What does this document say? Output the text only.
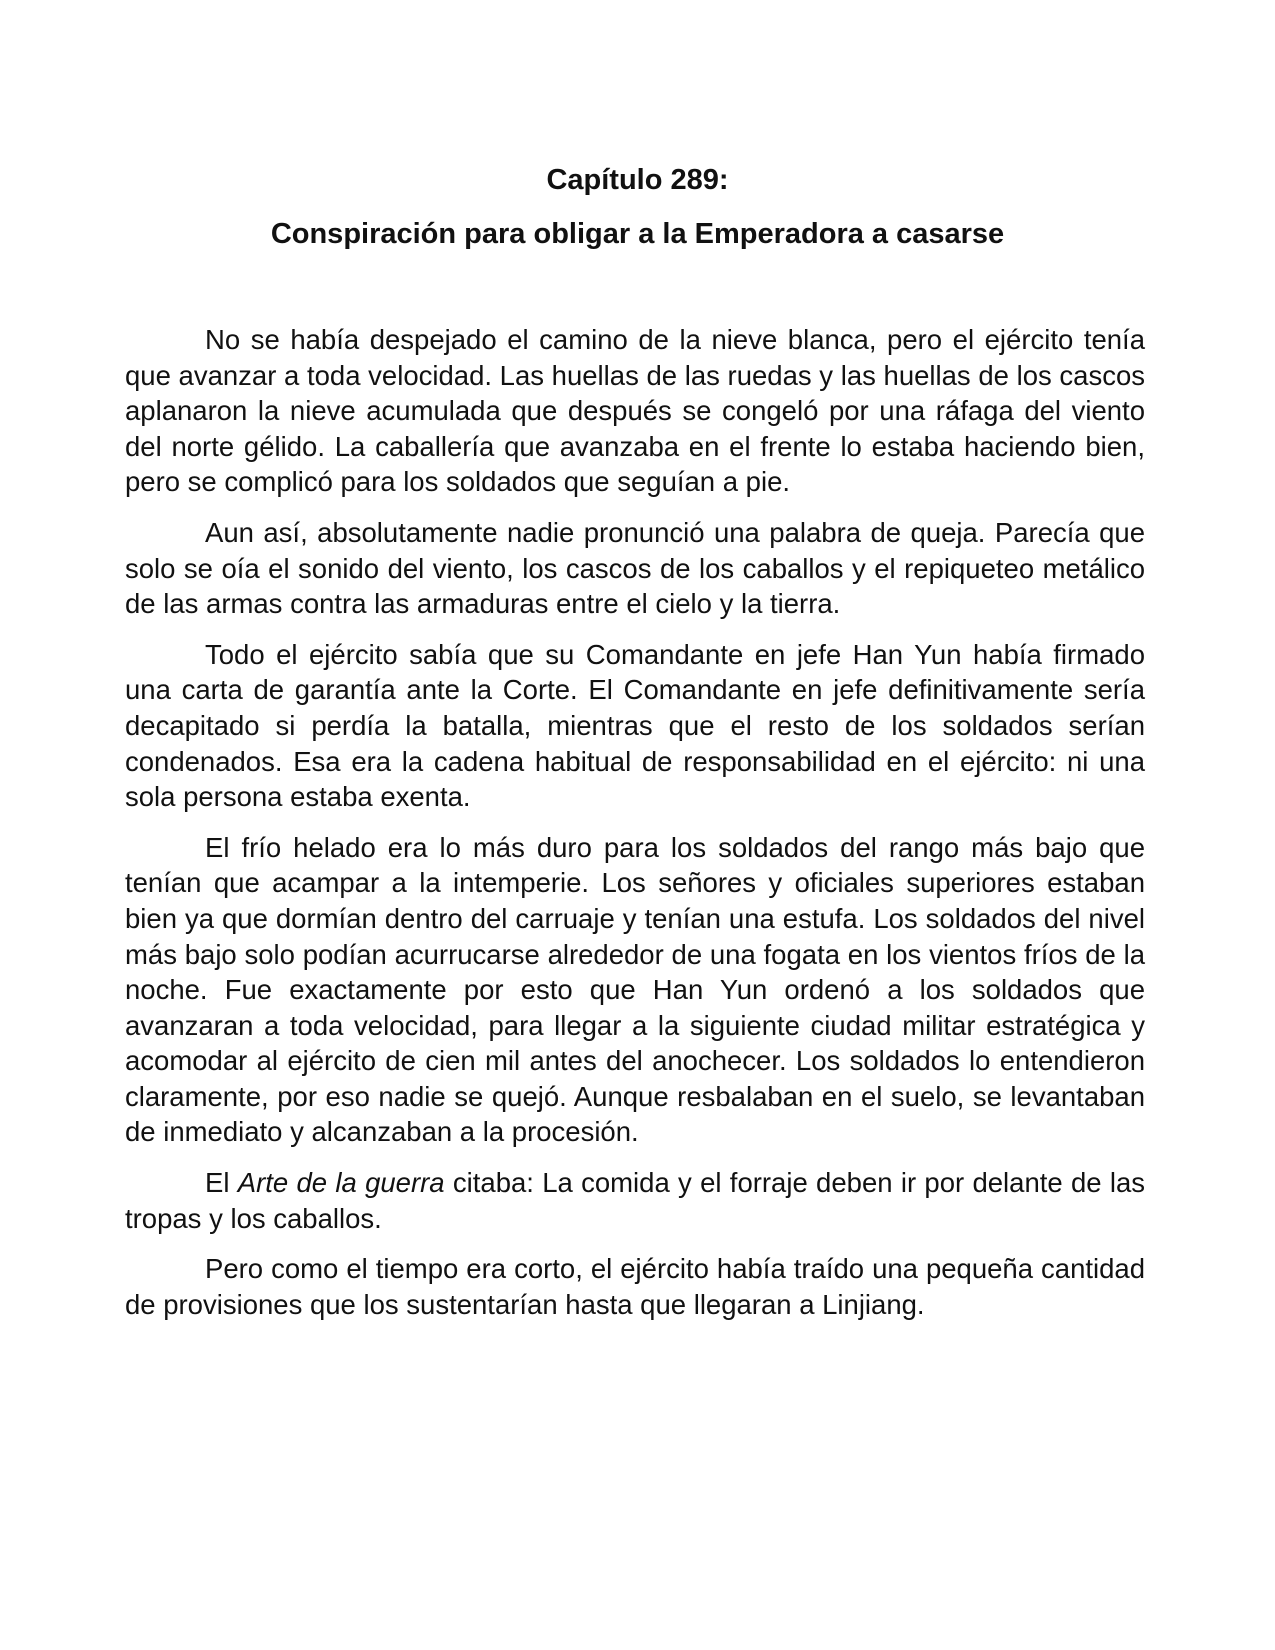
Capítulo 289:
Conspiración para obligar a la Emperadora a casarse

No se había despejado el camino de la nieve blanca, pero el ejército tenía que avanzar a toda velocidad. Las huellas de las ruedas y las huellas de los cascos aplanaron la nieve acumulada que después se congeló por una ráfaga del viento del norte gélido. La caballería que avanzaba en el frente lo estaba haciendo bien, pero se complicó para los soldados que seguían a pie.

Aun así, absolutamente nadie pronunció una palabra de queja. Parecía que solo se oía el sonido del viento, los cascos de los caballos y el repiqueteo metálico de las armas contra las armaduras entre el cielo y la tierra.

Todo el ejército sabía que su Comandante en jefe Han Yun había firmado una carta de garantía ante la Corte. El Comandante en jefe definitivamente sería decapitado si perdía la batalla, mientras que el resto de los soldados serían condenados. Esa era la cadena habitual de responsabilidad en el ejército: ni una sola persona estaba exenta.

El frío helado era lo más duro para los soldados del rango más bajo que tenían que acampar a la intemperie. Los señores y oficiales superiores estaban bien ya que dormían dentro del carruaje y tenían una estufa. Los soldados del nivel más bajo solo podían acurrucarse alrededor de una fogata en los vientos fríos de la noche. Fue exactamente por esto que Han Yun ordenó a los soldados que avanzaran a toda velocidad, para llegar a la siguiente ciudad militar estratégica y acomodar al ejército de cien mil antes del anochecer. Los soldados lo entendieron claramente, por eso nadie se quejó. Aunque resbalaban en el suelo, se levantaban de inmediato y alcanzaban a la procesión.

El Arte de la guerra citaba: La comida y el forraje deben ir por delante de las tropas y los caballos.

Pero como el tiempo era corto, el ejército había traído una pequeña cantidad de provisiones que los sustentarían hasta que llegaran a Linjiang.
